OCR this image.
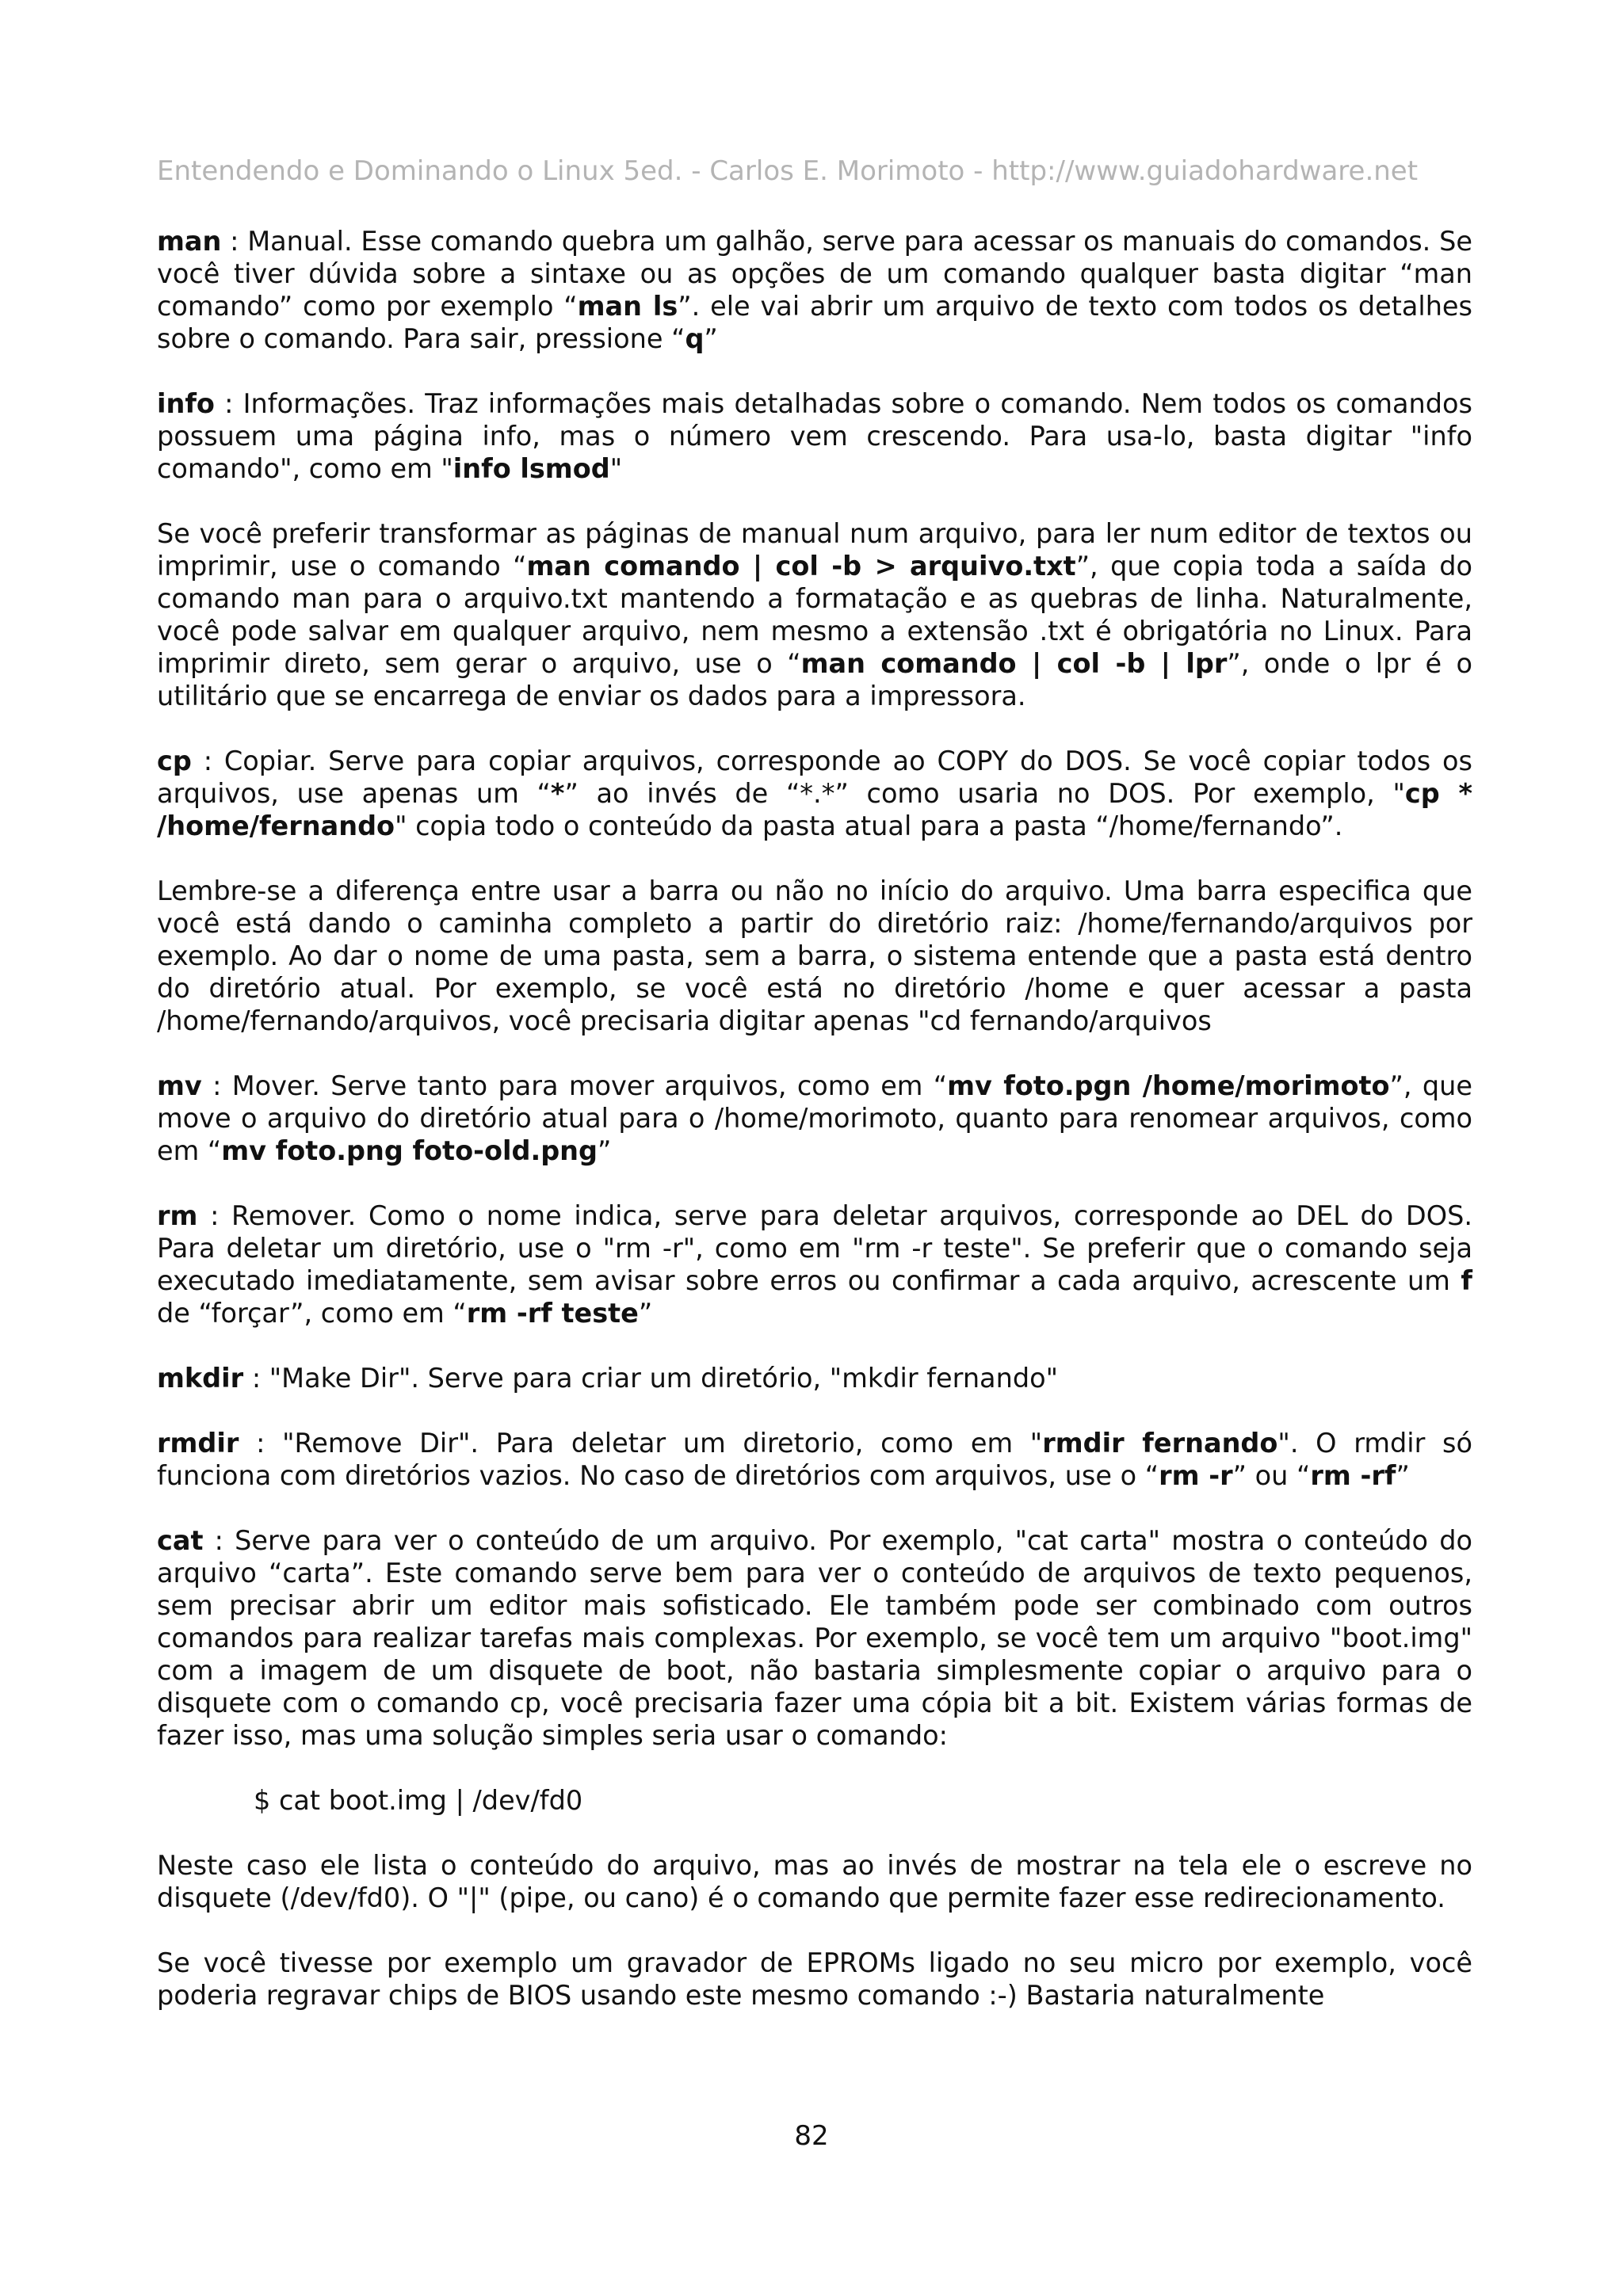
Entendendo e Dominando o Linux 5ed. - Carlos E. Morimoto - http://www.guiadohardware.net

man : Manual. Esse comando quebra um galhão, serve para acessar os manuais do comandos. Se você tiver dúvida sobre a sintaxe ou as opções de um comando qualquer basta digitar “man comando” como por exemplo “man ls”. ele vai abrir um arquivo de texto com todos os detalhes sobre o comando. Para sair, pressione “q”

info : Informações. Traz informações mais detalhadas sobre o comando. Nem todos os comandos possuem uma página info, mas o número vem crescendo. Para usa-lo, basta digitar "info comando", como em "info lsmod"

Se você preferir transformar as páginas de manual num arquivo, para ler num editor de textos ou imprimir, use o comando “man comando | col -b > arquivo.txt”, que copia toda a saída do comando man para o arquivo.txt mantendo a formatação e as quebras de linha. Naturalmente, você pode salvar em qualquer arquivo, nem mesmo a extensão .txt é obrigatória no Linux. Para imprimir direto, sem gerar o arquivo, use o “man comando | col -b | lpr”, onde o lpr é o utilitário que se encarrega de enviar os dados para a impressora.

cp : Copiar. Serve para copiar arquivos, corresponde ao COPY do DOS. Se você copiar todos os arquivos, use apenas um “*” ao invés de “*.*” como usaria no DOS. Por exemplo, "cp * /home/fernando" copia todo o conteúdo da pasta atual para a pasta “/home/fernando”.

Lembre-se a diferença entre usar a barra ou não no início do arquivo. Uma barra especifica que você está dando o caminha completo a partir do diretório raiz: /home/fernando/arquivos por exemplo. Ao dar o nome de uma pasta, sem a barra, o sistema entende que a pasta está dentro do diretório atual. Por exemplo, se você está no diretório /home e quer acessar a pasta /home/fernando/arquivos, você precisaria digitar apenas "cd fernando/arquivos

mv : Mover. Serve tanto para mover arquivos, como em “mv foto.pgn /home/morimoto”, que move o arquivo do diretório atual para o /home/morimoto, quanto para renomear arquivos, como em “mv foto.png foto-old.png”

rm : Remover. Como o nome indica, serve para deletar arquivos, corresponde ao DEL do DOS. Para deletar um diretório, use o "rm -r", como em "rm -r teste". Se preferir que o comando seja executado imediatamente, sem avisar sobre erros ou confirmar a cada arquivo, acrescente um f de “forçar”, como em “rm -rf teste”

mkdir : "Make Dir". Serve para criar um diretório, "mkdir fernando"

rmdir : "Remove Dir". Para deletar um diretorio, como em "rmdir fernando". O rmdir só funciona com diretórios vazios. No caso de diretórios com arquivos, use o “rm -r” ou “rm -rf”

cat : Serve para ver o conteúdo de um arquivo. Por exemplo, "cat carta" mostra o conteúdo do arquivo “carta”. Este comando serve bem para ver o conteúdo de arquivos de texto pequenos, sem precisar abrir um editor mais sofisticado. Ele também pode ser combinado com outros comandos para realizar tarefas mais complexas. Por exemplo, se você tem um arquivo "boot.img" com a imagem de um disquete de boot, não bastaria simplesmente copiar o arquivo para o disquete com o comando cp, você precisaria fazer uma cópia bit a bit. Existem várias formas de fazer isso, mas uma solução simples seria usar o comando:

$ cat boot.img | /dev/fd0

Neste caso ele lista o conteúdo do arquivo, mas ao invés de mostrar na tela ele o escreve no disquete (/dev/fd0). O "|" (pipe, ou cano) é o comando que permite fazer esse redirecionamento.

Se você tivesse por exemplo um gravador de EPROMs ligado no seu micro por exemplo, você poderia regravar chips de BIOS usando este mesmo comando :-) Bastaria naturalmente

82
